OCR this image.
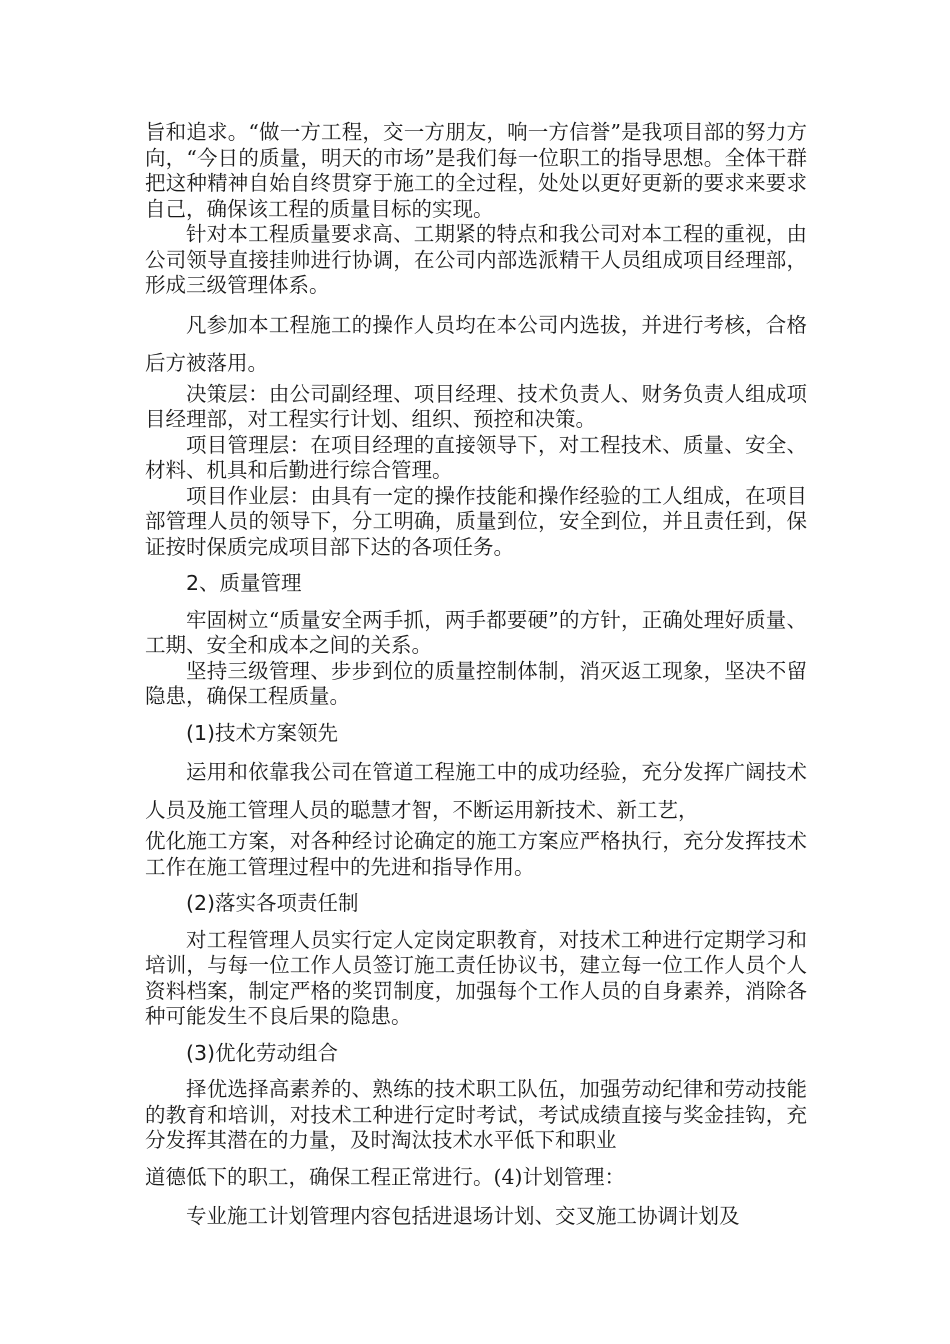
旨和追求。“做一方工程，交一方朋友，响一方信誉”是我项目部的努力方向，“今日的质量，明天的市场”是我们每一位职工的指导思想。全体干群把这种精神自始自终贯穿于施工的全过程，处处以更好更新的要求来要求自己，确保该工程的质量目标的实现。

针对本工程质量要求高、工期紧的特点和我公司对本工程的重视，由公司领导直接挂帅进行协调，在公司内部选派精干人员组成项目经理部，形成三级管理体系。

凡参加本工程施工的操作人员均在本公司内选拔，并进行考核，合格后方被落用。

决策层：由公司副经理、项目经理、技术负责人、财务负责人组成项目经理部，对工程实行计划、组织、预控和决策。

项目管理层：在项目经理的直接领导下，对工程技术、质量、安全、材料、机具和后勤进行综合管理。

项目作业层：由具有一定的操作技能和操作经验的工人组成，在项目部管理人员的领导下，分工明确，质量到位，安全到位，并且责任到，保证按时保质完成项目部下达的各项任务。

2、质量管理

牢固树立“质量安全两手抓，两手都要硬”的方针，正确处理好质量、工期、安全和成本之间的关系。

坚持三级管理、步步到位的质量控制体制，消灭返工现象，坚决不留隐患，确保工程质量。

(1)技术方案领先

运用和依靠我公司在管道工程施工中的成功经验，充分发挥广阔技术人员及施工管理人员的聪慧才智，不断运用新技术、新工艺，

优化施工方案，对各种经讨论确定的施工方案应严格执行，充分发挥技术工作在施工管理过程中的先进和指导作用。

(2)落实各项责任制

对工程管理人员实行定人定岗定职教育，对技术工种进行定期学习和培训，与每一位工作人员签订施工责任协议书，建立每一位工作人员个人资料档案，制定严格的奖罚制度，加强每个工作人员的自身素养，消除各种可能发生不良后果的隐患。

(3)优化劳动组合

择优选择高素养的、熟练的技术职工队伍，加强劳动纪律和劳动技能的教育和培训，对技术工种进行定时考试，考试成绩直接与奖金挂钩，充分发挥其潜在的力量，及时淘汰技术水平低下和职业

道德低下的职工，确保工程正常进行。(4)计划管理：

专业施工计划管理内容包括进退场计划、交叉施工协调计划及
